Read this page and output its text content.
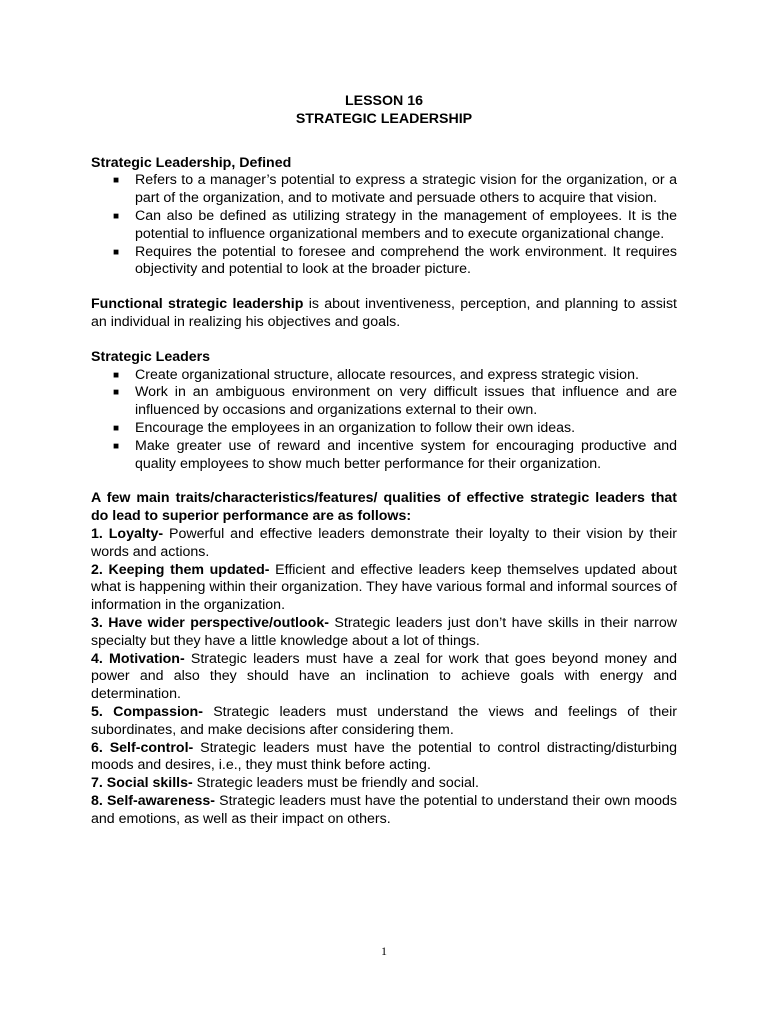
LESSON 16

STRATEGIC LEADERSHIP

Strategic Leadership, Defined

■ Refers to a manager’s potential to express a strategic vision for the organization, or a part of the organization, and to motivate and persuade others to acquire that vision.
■ Can also be defined as utilizing strategy in the management of employees. It is the potential to influence organizational members and to execute organizational change.
■ Requires the potential to foresee and comprehend the work environment. It requires objectivity and potential to look at the broader picture.

Functional strategic leadership is about inventiveness, perception, and planning to assist an individual in realizing his objectives and goals.

Strategic Leaders

■ Create organizational structure, allocate resources, and express strategic vision.
■ Work in an ambiguous environment on very difficult issues that influence and are influenced by occasions and organizations external to their own.
■ Encourage the employees in an organization to follow their own ideas.
■ Make greater use of reward and incentive system for encouraging productive and quality employees to show much better performance for their organization.

A few main traits/characteristics/features/ qualities of effective strategic leaders that do lead to superior performance are as follows:

1. Loyalty- Powerful and effective leaders demonstrate their loyalty to their vision by their words and actions.

2. Keeping them updated- Efficient and effective leaders keep themselves updated about what is happening within their organization. They have various formal and informal sources of information in the organization.

3. Have wider perspective/outlook- Strategic leaders just don’t have skills in their narrow specialty but they have a little knowledge about a lot of things.

4. Motivation- Strategic leaders must have a zeal for work that goes beyond money and power and also they should have an inclination to achieve goals with energy and determination.

5. Compassion- Strategic leaders must understand the views and feelings of their subordinates, and make decisions after considering them.

6. Self-control- Strategic leaders must have the potential to control distracting/disturbing moods and desires, i.e., they must think before acting.

7. Social skills- Strategic leaders must be friendly and social.

8. Self-awareness- Strategic leaders must have the potential to understand their own moods and emotions, as well as their impact on others.

1
